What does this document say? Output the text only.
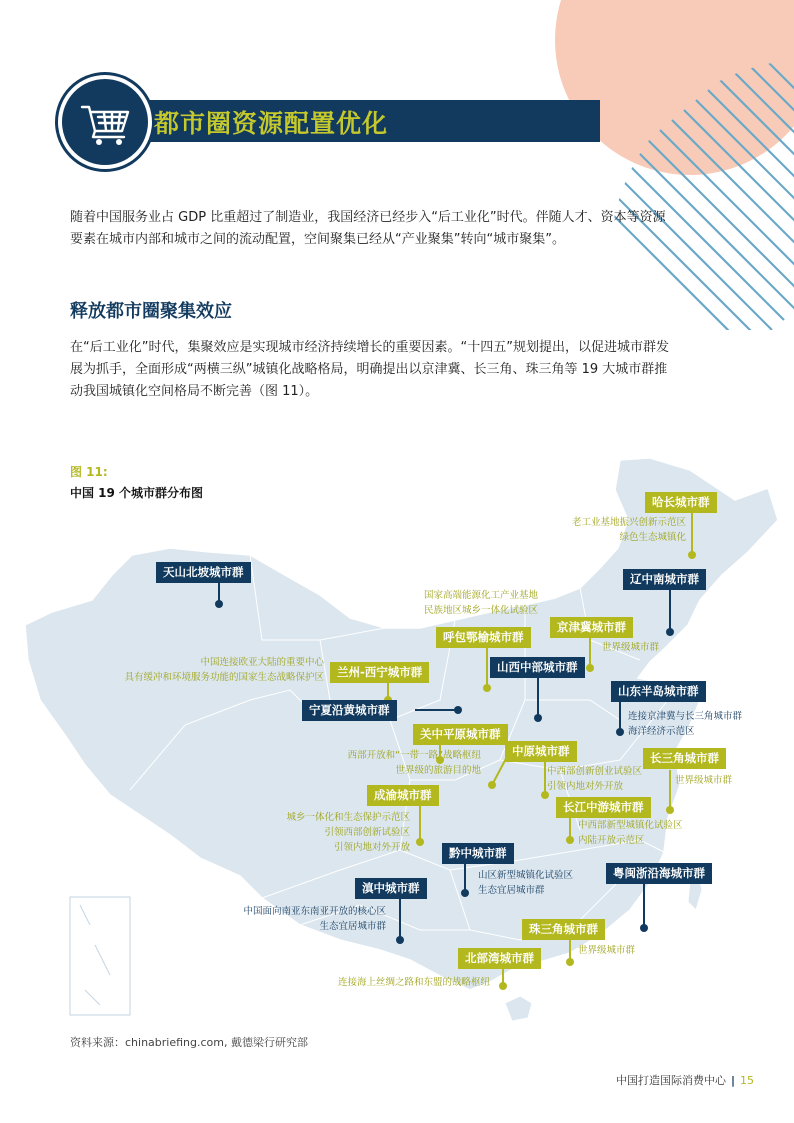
都市圈资源配置优化
随着中国服务业占 GDP 比重超过了制造业，我国经济已经步入“后工业化”时代。伴随人才、资本等资源要素在城市内部和城市之间的流动配置，空间聚集已经从“产业聚集”转向“城市聚集”。
释放都市圈聚集效应
在“后工业化”时代，集聚效应是实现城市经济持续增长的重要因素。“十四五”规划提出，以促进城市群发展为抓手，全面形成“两横三纵”城镇化战略格局，明确提出以京津冀、长三角、珠三角等 19 大城市群推动我国城镇化空间格局不断完善（图 11）。
图 11:
中国 19 个城市群分布图
哈长城市群
辽中南城市群
天山北坡城市群
京津冀城市群
呼包鄂榆城市群
山西中部城市群
兰州-西宁城市群
山东半岛城市群
宁夏沿黄城市群
关中平原城市群
中原城市群	长三角城市群
成渝城市群
长江中游城市群
黔中城市群
粤闽浙沿海城市群
滇中城市群
珠三角城市群
北部湾城市群
老工业基地振兴创新示范区
绿色生态城镇化
国家高端能源化工产业基地
民族地区城乡一体化试验区
世界级城市群
中国连接欧亚大陆的重要中心
具有缓冲和环境服务功能的国家生态战略保护区
连接京津冀与长三角城市群
海洋经济示范区
西部开放和“一带一路”战略枢纽
世界级的旅游目的地	中西部创新创业试验区
引领内地对外开放
世界级城市群
城乡一体化和生态保护示范区
引领西部创新试验区
引领内地对外开放
中西部新型城镇化试验区
内陆开放示范区
山区新型城镇化试验区
生态宜居城市群
中国面向南亚东南亚开放的核心区
生态宜居城市群
世界级城市群
连接海上丝绸之路和东盟的战略枢纽
资料来源：chinabriefing.com, 戴德梁行研究部
中国打造国际消费中心 | 15
